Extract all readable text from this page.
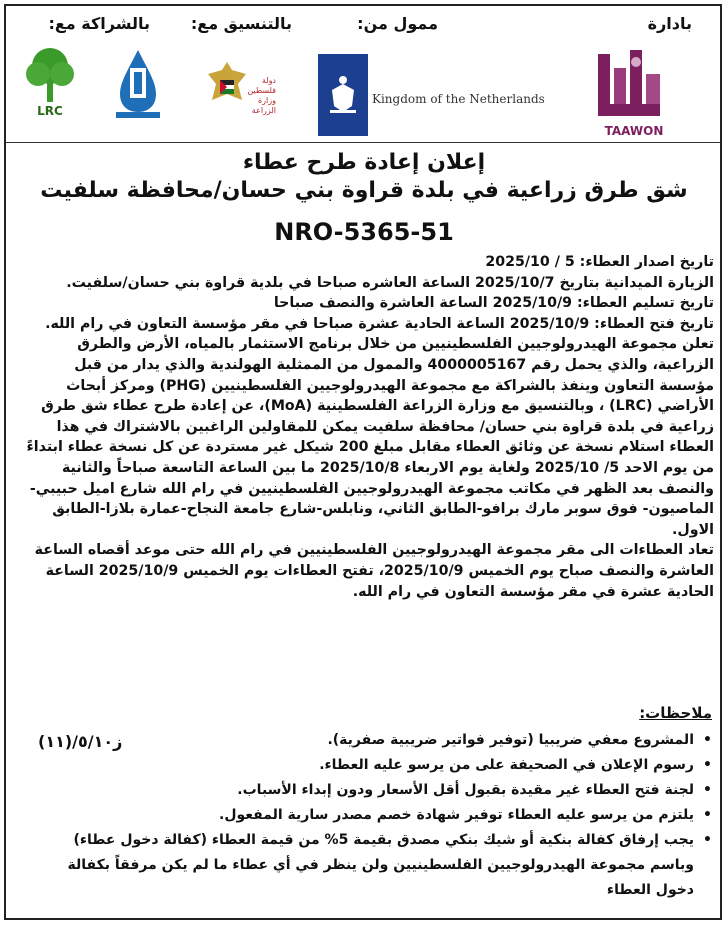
بادارة
ممول من:
بالتنسيق مع:
بالشراكة مع:
TAAWON
Kingdom of the Netherlands
دولة فلسطين وزارة الزراعة
LRC
إعلان إعادة طرح عطاء
شق طرق زراعية في بلدة قراوة بني حسان/محافظة سلفيت
NRO-5365-51

تاريخ اصدار العطاء: 5 / 2025/10

الزيارة الميدانية بتاريخ 2025/10/7 الساعة العاشره صباحا في بلدية قراوة بني حسان/سلفيت.

تاريخ تسليم العطاء: 2025/10/9 الساعة العاشرة والنصف صباحا

تاريخ فتح العطاء: 2025/10/9 الساعة الحادية عشرة صباحا في مقر مؤسسة التعاون في رام الله.

تعلن مجموعة الهيدرولوجيين الفلسطينيين من خلال برنامج الاستثمار بالمياه، الأرض والطرق الزراعية، والذي يحمل رقم 4000005167 والممول من الممثلية الهولندية والذي يدار من قبل مؤسسة التعاون وينفذ بالشراكة مع مجموعة الهيدرولوجيين الفلسطينيين (PHG) ومركز أبحاث الأراضي (LRC) ، وبالتنسيق مع وزارة الزراعة الفلسطينية (MoA)، عن إعادة طرح عطاء شق طرق زراعية في بلدة قراوة بني حسان/ محافظة سلفيت يمكن للمقاولين الراغبين بالاشتراك في هذا العطاء استلام نسخة عن وثائق العطاء مقابل مبلغ 200 شيكل غير مستردة عن كل نسخة عطاء ابتداءً من يوم الاحد 5/ 2025/10 ولغاية يوم الاربعاء 2025/10/8 ما بين الساعة التاسعة صباحاً والثانية والنصف بعد الظهر في مكاتب مجموعة الهيدرولوجيين الفلسطينيين في رام الله شارع اميل حبيبي- الماصيون- فوق سوبر مارك برافو-الطابق الثاني، ونابلس-شارع جامعة النجاح-عمارة بلازا-الطابق الاول.

تعاد العطاءات الى مقر مجموعة الهيدرولوجيين الفلسطينيين في رام الله حتى موعد أقصاه الساعة العاشرة والنصف صباح يوم الخميس 2025/10/9، تفتح العطاءات يوم الخميس 2025/10/9 الساعة الحادية عشرة في مقر مؤسسة التعاون في رام الله.

ملاحظات:
ز٥/١٠/(١١)
•	المشروع معفي ضريبيا (توفير فواتير ضريبية صفرية).
• رسوم الإعلان في الصحيفة على من يرسو عليه العطاء.
• لجنة فتح العطاء غير مقيدة بقبول أقل الأسعار ودون إبداء الأسباب.
• يلتزم من يرسو عليه العطاء توفير شهادة خصم مصدر سارية المفعول.
• يجب إرفاق كفالة بنكية أو شيك بنكي مصدق بقيمة 5% من قيمة العطاء (كفالة دخول عطاء) وباسم مجموعة الهيدرولوجيين الفلسطينيين ولن ينظر في أي عطاء ما لم يكن مرفقاً بكفالة دخول العطاء
